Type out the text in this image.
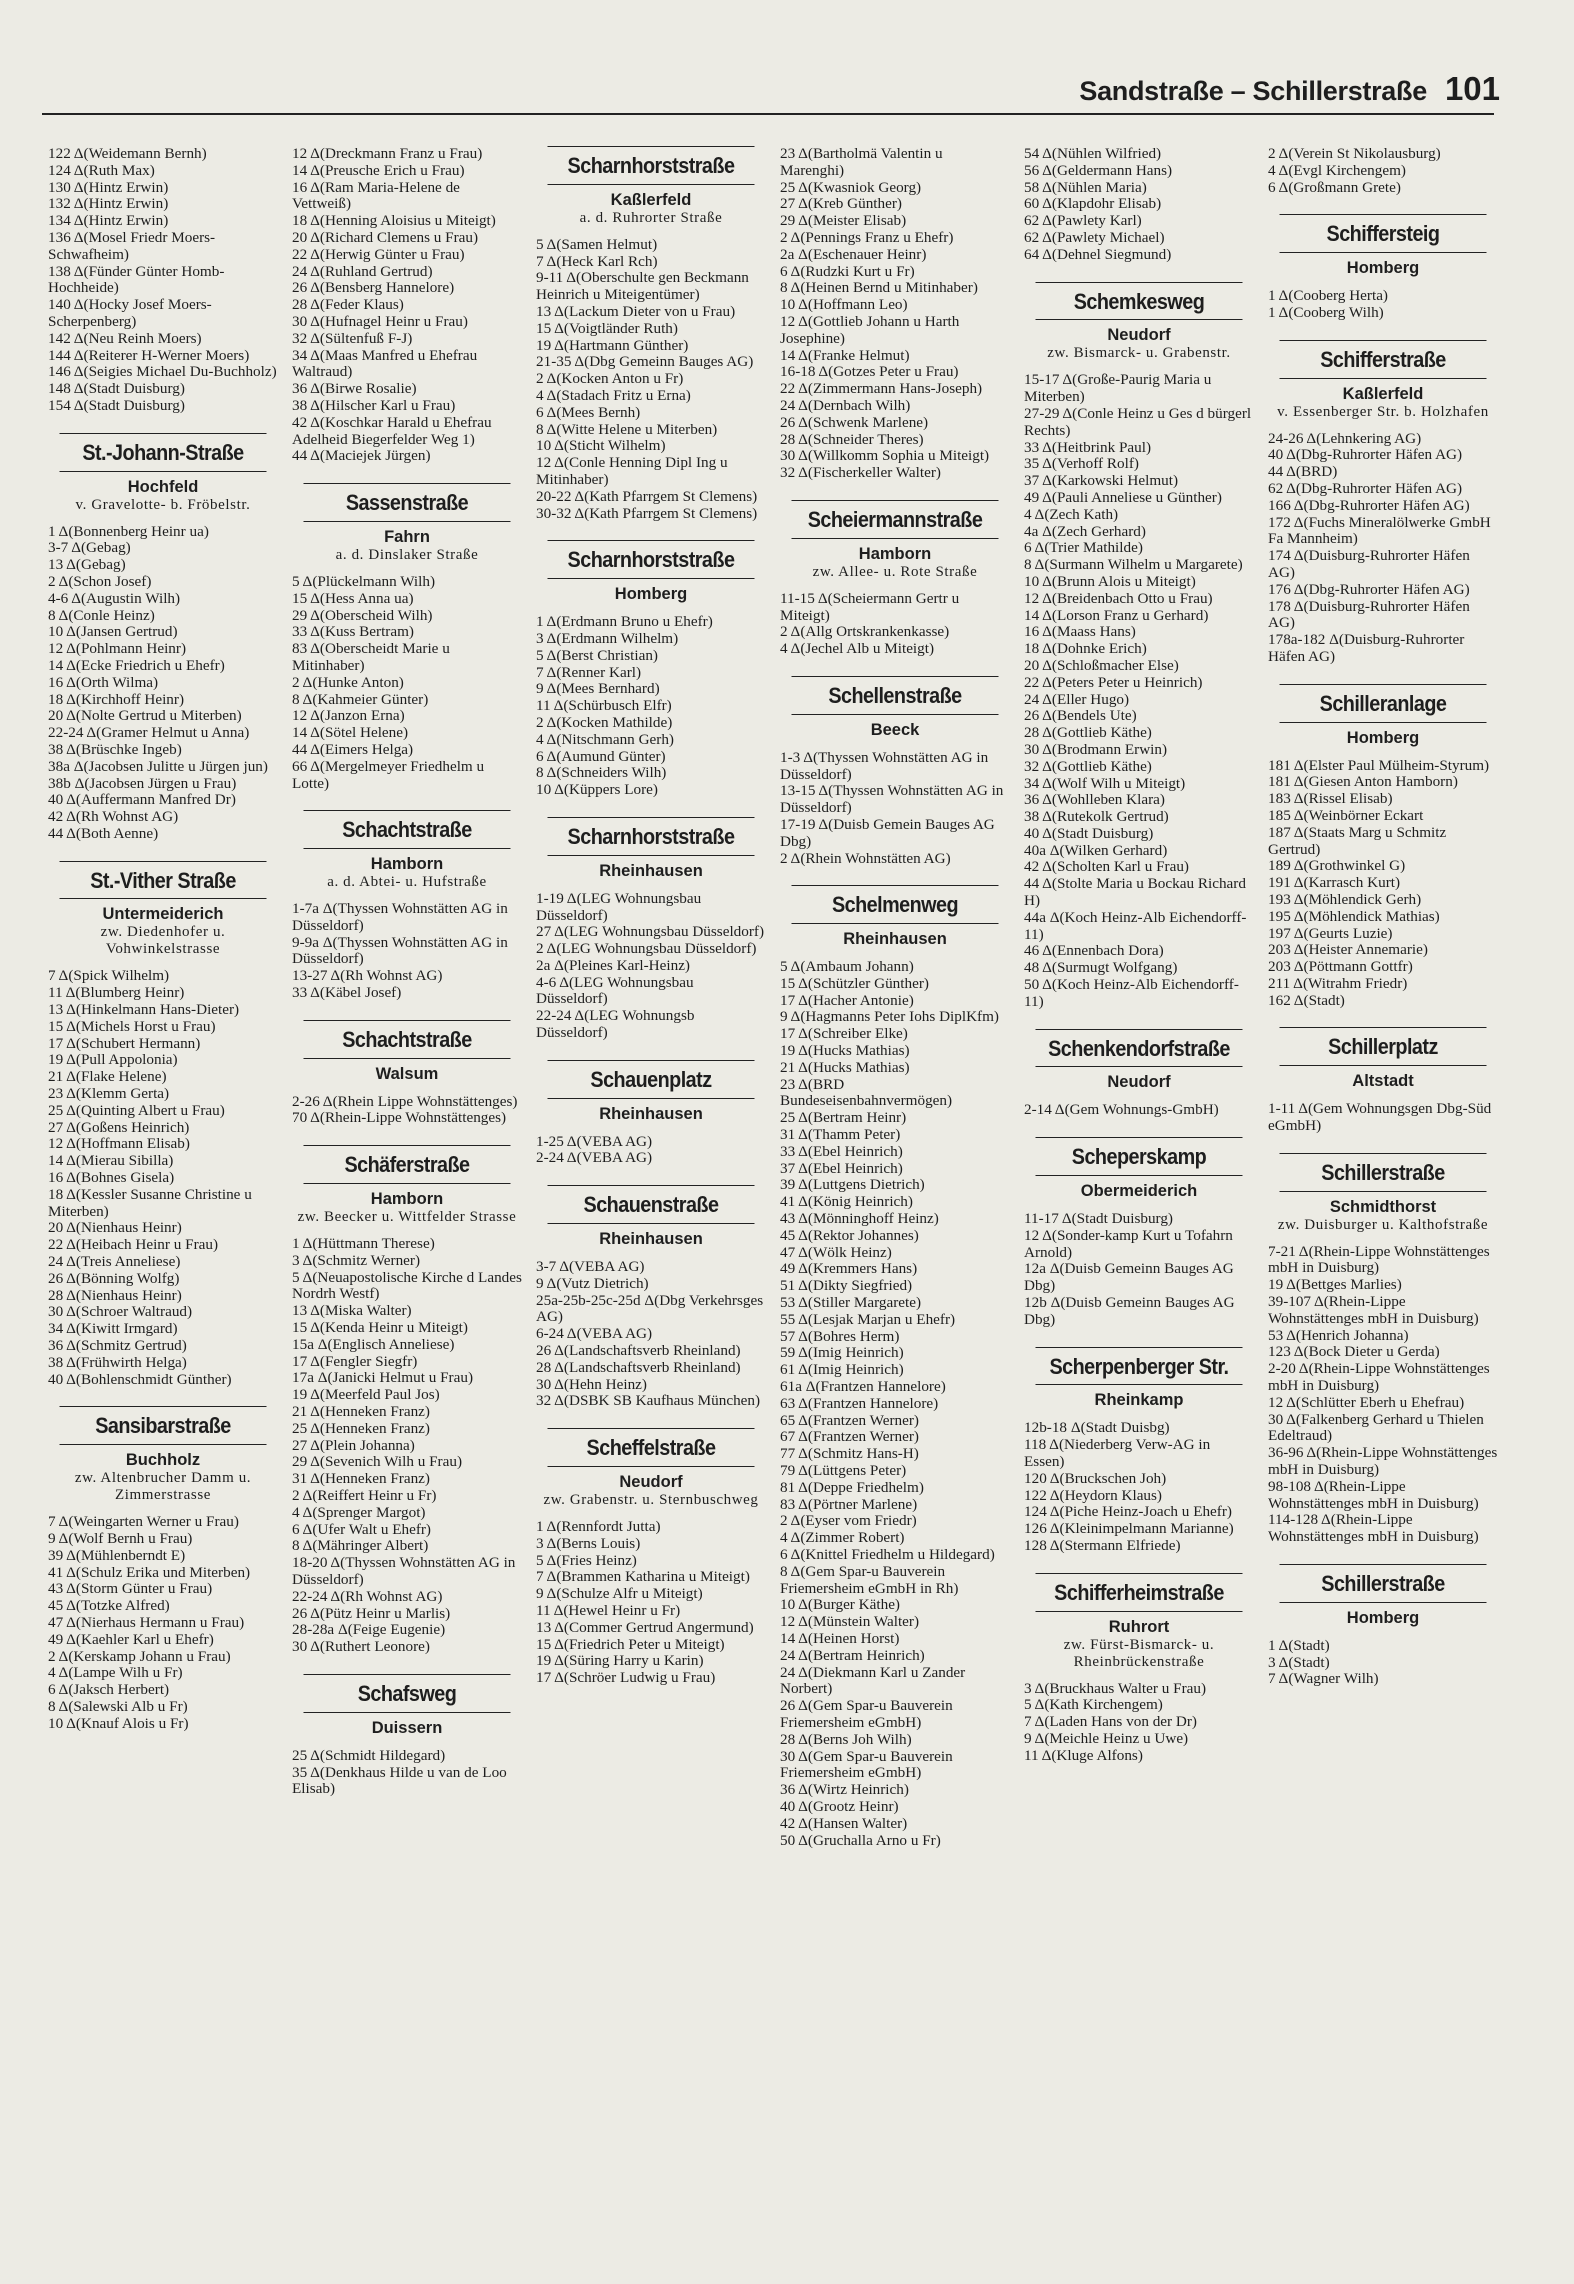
Sandstraße – Schillerstraße 101
122 Δ(Weidemann Bernh)
124 Δ(Ruth Max)
130 Δ(Hintz Erwin)
132 Δ(Hintz Erwin)
134 Δ(Hintz Erwin)
136 Δ(Mosel Friedr Moers-Schwafheim)
138 Δ(Fünder Günter Homb-Hochheide)
140 Δ(Hocky Josef Moers-Scherpenberg)
142 Δ(Neu Reinh Moers)
144 Δ(Reiterer H-Werner Moers)
146 Δ(Seigies Michael Du-Buchholz)
148 Δ(Stadt Duisburg)
154 Δ(Stadt Duisburg)
St.-Johann-Straße
Hochfeld
v. Gravelotte- b. Fröbelstr.
1 Δ(Bonnenberg Heinr ua)
3-7 Δ(Gebag)
13 Δ(Gebag)
2 Δ(Schon Josef)
4-6 Δ(Augustin Wilh)
8 Δ(Conle Heinz)
10 Δ(Jansen Gertrud)
12 Δ(Pohlmann Heinr)
14 Δ(Ecke Friedrich u Ehefr)
16 Δ(Orth Wilma)
18 Δ(Kirchhoff Heinr)
20 Δ(Nolte Gertrud u Miterben)
22-24 Δ(Gramer Helmut u Anna)
38 Δ(Brüschke Ingeb)
38a Δ(Jacobsen Julitte u Jürgen jun)
38b Δ(Jacobsen Jürgen u Frau)
40 Δ(Auffermann Manfred Dr)
42 Δ(Rh Wohnst AG)
44 Δ(Both Aenne)
St.-Vither Straße
Untermeiderich
zw. Diedenhofer u. Vohwinkelstrasse
7 Δ(Spick Wilhelm)
11 Δ(Blumberg Heinr)
13 Δ(Hinkelmann Hans-Dieter)
15 Δ(Michels Horst u Frau)
17 Δ(Schubert Hermann)
19 Δ(Pull Appolonia)
21 Δ(Flake Helene)
23 Δ(Klemm Gerta)
25 Δ(Quinting Albert u Frau)
27 Δ(Goßens Heinrich)
12 Δ(Hoffmann Elisab)
14 Δ(Mierau Sibilla)
16 Δ(Bohnes Gisela)
18 Δ(Kessler Susanne Christine u Miterben)
20 Δ(Nienhaus Heinr)
22 Δ(Heibach Heinr u Frau)
24 Δ(Treis Anneliese)
26 Δ(Bönning Wolfg)
28 Δ(Nienhaus Heinr)
30 Δ(Schroer Waltraud)
34 Δ(Kiwitt Irmgard)
36 Δ(Schmitz Gertrud)
38 Δ(Frühwirth Helga)
40 Δ(Bohlenschmidt Günther)
Sansibarstraße
Buchholz
zw. Altenbrucher Damm u. Zimmerstrasse
7 Δ(Weingarten Werner u Frau)
9 Δ(Wolf Bernh u Frau)
39 Δ(Mühlenberndt E)
41 Δ(Schulz Erika und Miterben)
43 Δ(Storm Günter u Frau)
45 Δ(Totzke Alfred)
47 Δ(Nierhaus Hermann u Frau)
49 Δ(Kaehler Karl u Ehefr)
2 Δ(Kerskamp Johann u Frau)
4 Δ(Lampe Wilh u Fr)
6 Δ(Jaksch Herbert)
8 Δ(Salewski Alb u Fr)
10 Δ(Knauf Alois u Fr)
12 Δ(Dreckmann Franz u Frau)
14 Δ(Preusche Erich u Frau)
16 Δ(Ram Maria-Helene de Vettweiß)
18 Δ(Henning Aloisius u Miteigt)
20 Δ(Richard Clemens u Frau)
22 Δ(Herwig Günter u Frau)
24 Δ(Ruhland Gertrud)
26 Δ(Bensberg Hannelore)
28 Δ(Feder Klaus)
30 Δ(Hufnagel Heinr u Frau)
32 Δ(Sültenfuß F-J)
34 Δ(Maas Manfred u Ehefrau Waltraud)
36 Δ(Birwe Rosalie)
38 Δ(Hilscher Karl u Frau)
42 Δ(Koschkar Harald u Ehefrau Adelheid Biegerfelder Weg 1)
44 Δ(Maciejek Jürgen)
Sassenstraße
Fahrn
a. d. Dinslaker Straße
5 Δ(Plückelmann Wilh)
15 Δ(Hess Anna ua)
29 Δ(Oberscheid Wilh)
33 Δ(Kuss Bertram)
83 Δ(Oberscheidt Marie u Mitinhaber)
2 Δ(Hunke Anton)
8 Δ(Kahmeier Günter)
12 Δ(Janzon Erna)
14 Δ(Sötel Helene)
44 Δ(Eimers Helga)
66 Δ(Mergelmeyer Friedhelm u Lotte)
Schachtstraße
Hamborn
a. d. Abtei- u. Hufstraße
1-7a Δ(Thyssen Wohnstätten AG in Düsseldorf)
9-9a Δ(Thyssen Wohnstätten AG in Düsseldorf)
13-27 Δ(Rh Wohnst AG)
33 Δ(Käbel Josef)
Schachtstraße
Walsum
2-26 Δ(Rhein Lippe Wohnstättenges)
70 Δ(Rhein-Lippe Wohnstättenges)
Schäferstraße
Hamborn
zw. Beecker u. Wittfelder Strasse
1 Δ(Hüttmann Therese)
3 Δ(Schmitz Werner)
5 Δ(Neuapostolische Kirche d Landes Nordrh Westf)
13 Δ(Miska Walter)
15 Δ(Kenda Heinr u Miteigt)
15a Δ(Englisch Anneliese)
17 Δ(Fengler Siegfr)
17a Δ(Janicki Helmut u Frau)
19 Δ(Meerfeld Paul Jos)
21 Δ(Henneken Franz)
25 Δ(Henneken Franz)
27 Δ(Plein Johanna)
29 Δ(Sevenich Wilh u Frau)
31 Δ(Henneken Franz)
2 Δ(Reiffert Heinr u Fr)
4 Δ(Sprenger Margot)
6 Δ(Ufer Walt u Ehefr)
8 Δ(Mähringer Albert)
18-20 Δ(Thyssen Wohnstätten AG in Düsseldorf)
22-24 Δ(Rh Wohnst AG)
26 Δ(Pütz Heinr u Marlis)
28-28a Δ(Feige Eugenie)
30 Δ(Ruthert Leonore)
Schafsweg
Duissern
25 Δ(Schmidt Hildegard)
35 Δ(Denkhaus Hilde u van de Loo Elisab)
Scharnhorststraße
Kaßlerfeld
a. d. Ruhrorter Straße
5 Δ(Samen Helmut)
7 Δ(Heck Karl Rch)
9-11 Δ(Oberschulte gen Beckmann Heinrich u Miteigentümer)
13 Δ(Lackum Dieter von u Frau)
15 Δ(Voigtländer Ruth)
19 Δ(Hartmann Günther)
21-35 Δ(Dbg Gemeinn Bauges AG)
2 Δ(Kocken Anton u Fr)
4 Δ(Stadach Fritz u Erna)
6 Δ(Mees Bernh)
8 Δ(Witte Helene u Miterben)
10 Δ(Sticht Wilhelm)
12 Δ(Conle Henning Dipl Ing u Mitinhaber)
20-22 Δ(Kath Pfarrgem St Clemens)
30-32 Δ(Kath Pfarrgem St Clemens)
Scharnhorststraße
Homberg
1 Δ(Erdmann Bruno u Ehefr)
3 Δ(Erdmann Wilhelm)
5 Δ(Berst Christian)
7 Δ(Renner Karl)
9 Δ(Mees Bernhard)
11 Δ(Schürbusch Elfr)
2 Δ(Kocken Mathilde)
4 Δ(Nitschmann Gerh)
6 Δ(Aumund Günter)
8 Δ(Schneiders Wilh)
10 Δ(Küppers Lore)
Scharnhorststraße
Rheinhausen
1-19 Δ(LEG Wohnungsbau Düsseldorf)
27 Δ(LEG Wohnungsbau Düsseldorf)
2 Δ(LEG Wohnungsbau Düsseldorf)
2a Δ(Pleines Karl-Heinz)
4-6 Δ(LEG Wohnungsbau Düsseldorf)
22-24 Δ(LEG Wohnungsb Düsseldorf)
Schauenplatz
Rheinhausen
1-25 Δ(VEBA AG)
2-24 Δ(VEBA AG)
Schauenstraße
Rheinhausen
3-7 Δ(VEBA AG)
9 Δ(Vutz Dietrich)
25a-25b-25c-25d Δ(Dbg Verkehrsges AG)
6-24 Δ(VEBA AG)
26 Δ(Landschaftsverb Rheinland)
28 Δ(Landschaftsverb Rheinland)
30 Δ(Hehn Heinz)
32 Δ(DSBK SB Kaufhaus München)
Scheffelstraße
Neudorf
zw. Grabenstr. u. Sternbuschweg
1 Δ(Rennfordt Jutta)
3 Δ(Berns Louis)
5 Δ(Fries Heinz)
7 Δ(Brammen Katharina u Miteigt)
9 Δ(Schulze Alfr u Miteigt)
11 Δ(Hewel Heinr u Fr)
13 Δ(Commer Gertrud Angermund)
15 Δ(Friedrich Peter u Miteigt)
19 Δ(Süring Harry u Karin)
17 Δ(Schröer Ludwig u Frau)
23 Δ(Bartholmä Valentin u Marenghi)
25 Δ(Kwasniok Georg)
27 Δ(Kreb Günther)
29 Δ(Meister Elisab)
2 Δ(Pennings Franz u Ehefr)
2a Δ(Eschenauer Heinr)
6 Δ(Rudzki Kurt u Fr)
8 Δ(Heinen Bernd u Mitinhaber)
10 Δ(Hoffmann Leo)
12 Δ(Gottlieb Johann u Harth Josephine)
14 Δ(Franke Helmut)
16-18 Δ(Gotzes Peter u Frau)
22 Δ(Zimmermann Hans-Joseph)
24 Δ(Dernbach Wilh)
26 Δ(Schwenk Marlene)
28 Δ(Schneider Theres)
30 Δ(Willkomm Sophia u Miteigt)
32 Δ(Fischerkeller Walter)
Scheiermannstraße
Hamborn
zw. Allee- u. Rote Straße
11-15 Δ(Scheiermann Gertr u Miteigt)
2 Δ(Allg Ortskrankenkasse)
4 Δ(Jechel Alb u Miteigt)
Schellenstraße
Beeck
1-3 Δ(Thyssen Wohnstätten AG in Düsseldorf)
13-15 Δ(Thyssen Wohnstätten AG in Düsseldorf)
17-19 Δ(Duisb Gemein Bauges AG Dbg)
2 Δ(Rhein Wohnstätten AG)
Schelmenweg
Rheinhausen
5 Δ(Ambaum Johann)
15 Δ(Schützler Günther)
17 Δ(Hacher Antonie)
9 Δ(Hagmanns Peter Iohs DiplKfm)
17 Δ(Schreiber Elke)
19 Δ(Hucks Mathias)
21 Δ(Hucks Mathias)
23 Δ(BRD Bundeseisenbahnvermögen)
25 Δ(Bertram Heinr)
31 Δ(Thamm Peter)
33 Δ(Ebel Heinrich)
37 Δ(Ebel Heinrich)
39 Δ(Luttgens Dietrich)
41 Δ(König Heinrich)
43 Δ(Mönninghoff Heinz)
45 Δ(Rektor Johannes)
47 Δ(Wölk Heinz)
49 Δ(Kremmers Hans)
51 Δ(Dikty Siegfried)
53 Δ(Stiller Margarete)
55 Δ(Lesjak Marjan u Ehefr)
57 Δ(Bohres Herm)
59 Δ(Imig Heinrich)
61 Δ(Imig Heinrich)
61a Δ(Frantzen Hannelore)
63 Δ(Frantzen Hannelore)
65 Δ(Frantzen Werner)
67 Δ(Frantzen Werner)
77 Δ(Schmitz Hans-H)
79 Δ(Lüttgens Peter)
81 Δ(Deppe Friedhelm)
83 Δ(Pörtner Marlene)
2 Δ(Eyser vom Friedr)
4 Δ(Zimmer Robert)
6 Δ(Knittel Friedhelm u Hildegard)
8 Δ(Gem Spar-u Bauverein Friemersheim eGmbH in Rh)
10 Δ(Burger Käthe)
12 Δ(Münstein Walter)
14 Δ(Heinen Horst)
24 Δ(Bertram Heinrich)
24 Δ(Diekmann Karl u Zander Norbert)
26 Δ(Gem Spar-u Bauverein Friemersheim eGmbH)
28 Δ(Berns Joh Wilh)
30 Δ(Gem Spar-u Bauverein Friemersheim eGmbH)
36 Δ(Wirtz Heinrich)
40 Δ(Grootz Heinr)
42 Δ(Hansen Walter)
50 Δ(Gruchalla Arno u Fr)
54 Δ(Nühlen Wilfried)
56 Δ(Geldermann Hans)
58 Δ(Nühlen Maria)
60 Δ(Klapdohr Elisab)
62 Δ(Pawlety Karl)
62 Δ(Pawlety Michael)
64 Δ(Dehnel Siegmund)
Schemkesweg
Neudorf
zw. Bismarck- u. Grabenstr.
15-17 Δ(Große-Paurig Maria u Miterben)
27-29 Δ(Conle Heinz u Ges d bürgerl Rechts)
33 Δ(Heitbrink Paul)
35 Δ(Verhoff Rolf)
37 Δ(Karkowski Helmut)
49 Δ(Pauli Anneliese u Günther)
4 Δ(Zech Kath)
4a Δ(Zech Gerhard)
6 Δ(Trier Mathilde)
8 Δ(Surmann Wilhelm u Margarete)
10 Δ(Brunn Alois u Miteigt)
12 Δ(Breidenbach Otto u Frau)
14 Δ(Lorson Franz u Gerhard)
16 Δ(Maass Hans)
18 Δ(Dohnke Erich)
20 Δ(Schloßmacher Else)
22 Δ(Peters Peter u Heinrich)
24 Δ(Eller Hugo)
26 Δ(Bendels Ute)
28 Δ(Gottlieb Käthe)
30 Δ(Brodmann Erwin)
32 Δ(Gottlieb Käthe)
34 Δ(Wolf Wilh u Miteigt)
36 Δ(Wohlleben Klara)
38 Δ(Rutekolk Gertrud)
40 Δ(Stadt Duisburg)
40a Δ(Wilken Gerhard)
42 Δ(Scholten Karl u Frau)
44 Δ(Stolte Maria u Bockau Richard H)
44a Δ(Koch Heinz-Alb Eichendorff-11)
46 Δ(Ennenbach Dora)
48 Δ(Surmugt Wolfgang)
50 Δ(Koch Heinz-Alb Eichendorff-11)
Schenkendorfstraße
Neudorf
2-14 Δ(Gem Wohnungs-GmbH)
Scheperskamp
Obermeiderich
11-17 Δ(Stadt Duisburg)
12 Δ(Sonder-kamp Kurt u Tofahrn Arnold)
12a Δ(Duisb Gemeinn Bauges AG Dbg)
12b Δ(Duisb Gemeinn Bauges AG Dbg)
Scherpenberger Str.
Rheinkamp
12b-18 Δ(Stadt Duisbg)
118 Δ(Niederberg Verw-AG in Essen)
120 Δ(Bruckschen Joh)
122 Δ(Heydorn Klaus)
124 Δ(Piche Heinz-Joach u Ehefr)
126 Δ(Kleinimpelmann Marianne)
128 Δ(Stermann Elfriede)
Schifferheimstraße
Ruhrort
zw. Fürst-Bismarck- u. Rheinbrückenstraße
3 Δ(Bruckhaus Walter u Frau)
5 Δ(Kath Kirchengem)
7 Δ(Laden Hans von der Dr)
9 Δ(Meichle Heinz u Uwe)
11 Δ(Kluge Alfons)
2 Δ(Verein St Nikolausburg)
4 Δ(Evgl Kirchengem)
6 Δ(Großmann Grete)
Schiffersteig
Homberg
1 Δ(Cooberg Herta)
1 Δ(Cooberg Wilh)
Schifferstraße
Kaßlerfeld
v. Essenberger Str. b. Holzhafen
24-26 Δ(Lehnkering AG)
40 Δ(Dbg-Ruhrorter Häfen AG)
44 Δ(BRD)
62 Δ(Dbg-Ruhrorter Häfen AG)
166 Δ(Dbg-Ruhrorter Häfen AG)
172 Δ(Fuchs Mineralölwerke GmbH Fa Mannheim)
174 Δ(Duisburg-Ruhrorter Häfen AG)
176 Δ(Dbg-Ruhrorter Häfen AG)
178 Δ(Duisburg-Ruhrorter Häfen AG)
178a-182 Δ(Duisburg-Ruhrorter Häfen AG)
Schilleranlage
Homberg
181 Δ(Elster Paul Mülheim-Styrum)
181 Δ(Giesen Anton Hamborn)
183 Δ(Rissel Elisab)
185 Δ(Weinbörner Eckart
187 Δ(Staats Marg u Schmitz Gertrud)
189 Δ(Grothwinkel G)
191 Δ(Karrasch Kurt)
193 Δ(Möhlendick Gerh)
195 Δ(Möhlendick Mathias)
197 Δ(Geurts Luzie)
203 Δ(Heister Annemarie)
203 Δ(Pöttmann Gottfr)
211 Δ(Witrahm Friedr)
162 Δ(Stadt)
Schillerplatz
Altstadt
1-11 Δ(Gem Wohnungsgen Dbg-Süd eGmbH)
Schillerstraße
Schmidthorst
zw. Duisburger u. Kalthofstraße
7-21 Δ(Rhein-Lippe Wohnstättenges mbH in Duisburg)
19 Δ(Bettges Marlies)
39-107 Δ(Rhein-Lippe Wohnstättenges mbH in Duisburg)
53 Δ(Henrich Johanna)
123 Δ(Bock Dieter u Gerda)
2-20 Δ(Rhein-Lippe Wohnstättenges mbH in Duisburg)
12 Δ(Schlütter Eberh u Ehefrau)
30 Δ(Falkenberg Gerhard u Thielen Edeltraud)
36-96 Δ(Rhein-Lippe Wohnstättenges mbH in Duisburg)
98-108 Δ(Rhein-Lippe Wohnstättenges mbH in Duisburg)
114-128 Δ(Rhein-Lippe Wohnstättenges mbH in Duisburg)
Schillerstraße
Homberg
1 Δ(Stadt)
3 Δ(Stadt)
7 Δ(Wagner Wilh)
